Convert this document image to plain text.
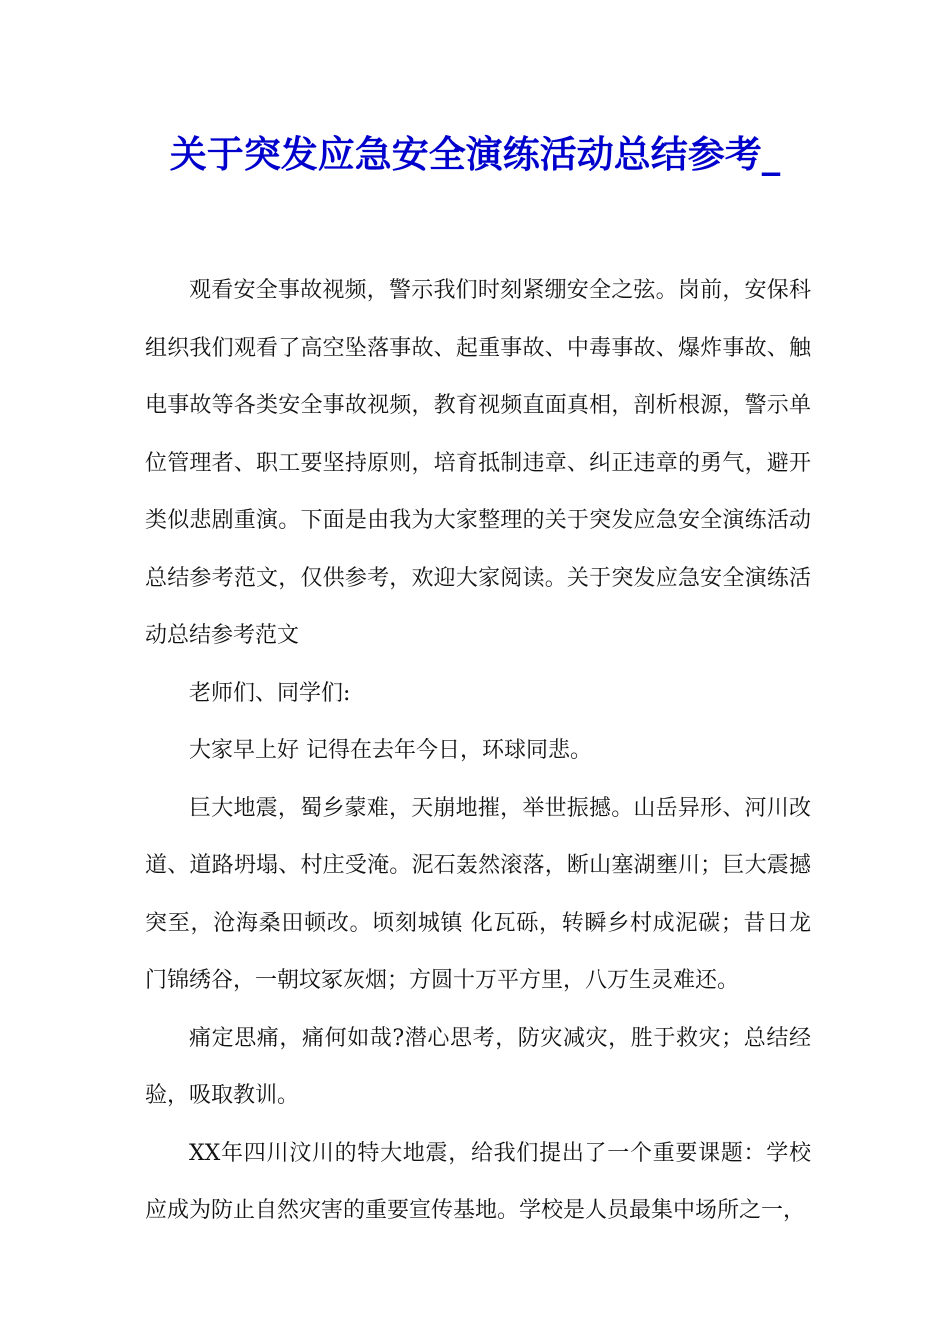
关于突发应急安全演练活动总结参考_

观看安全事故视频，警示我们时刻紧绷安全之弦。岗前，安保科组织我们观看了高空坠落事故、起重事故、中毒事故、爆炸事故、触电事故等各类安全事故视频，教育视频直面真相，剖析根源，警示单位管理者、职工要坚持原则，培育抵制违章、纠正违章的勇气，避开类似悲剧重演。下面是由我为大家整理的关于突发应急安全演练活动总结参考范文，仅供参考，欢迎大家阅读。关于突发应急安全演练活动总结参考范文

老师们、同学们:

大家早上好 记得在去年今日，环球同悲。

巨大地震，蜀乡蒙难，天崩地摧，举世振撼。山岳异形、河川改道、道路坍塌、村庄受淹。泥石轰然滚落，断山塞湖壅川；巨大震撼突至，沧海桑田顿改。顷刻城镇 化瓦砾，转瞬乡村成泥碳；昔日龙门锦绣谷，一朝坟冢灰烟；方圆十万平方里，八万生灵难还。

痛定思痛，痛何如哉?潜心思考，防灾减灾，胜于救灾；总结经验，吸取教训。

XX年四川汶川的特大地震，给我们提出了一个重要课题：学校应成为防止自然灾害的重要宣传基地。学校是人员最集中场所之一，
